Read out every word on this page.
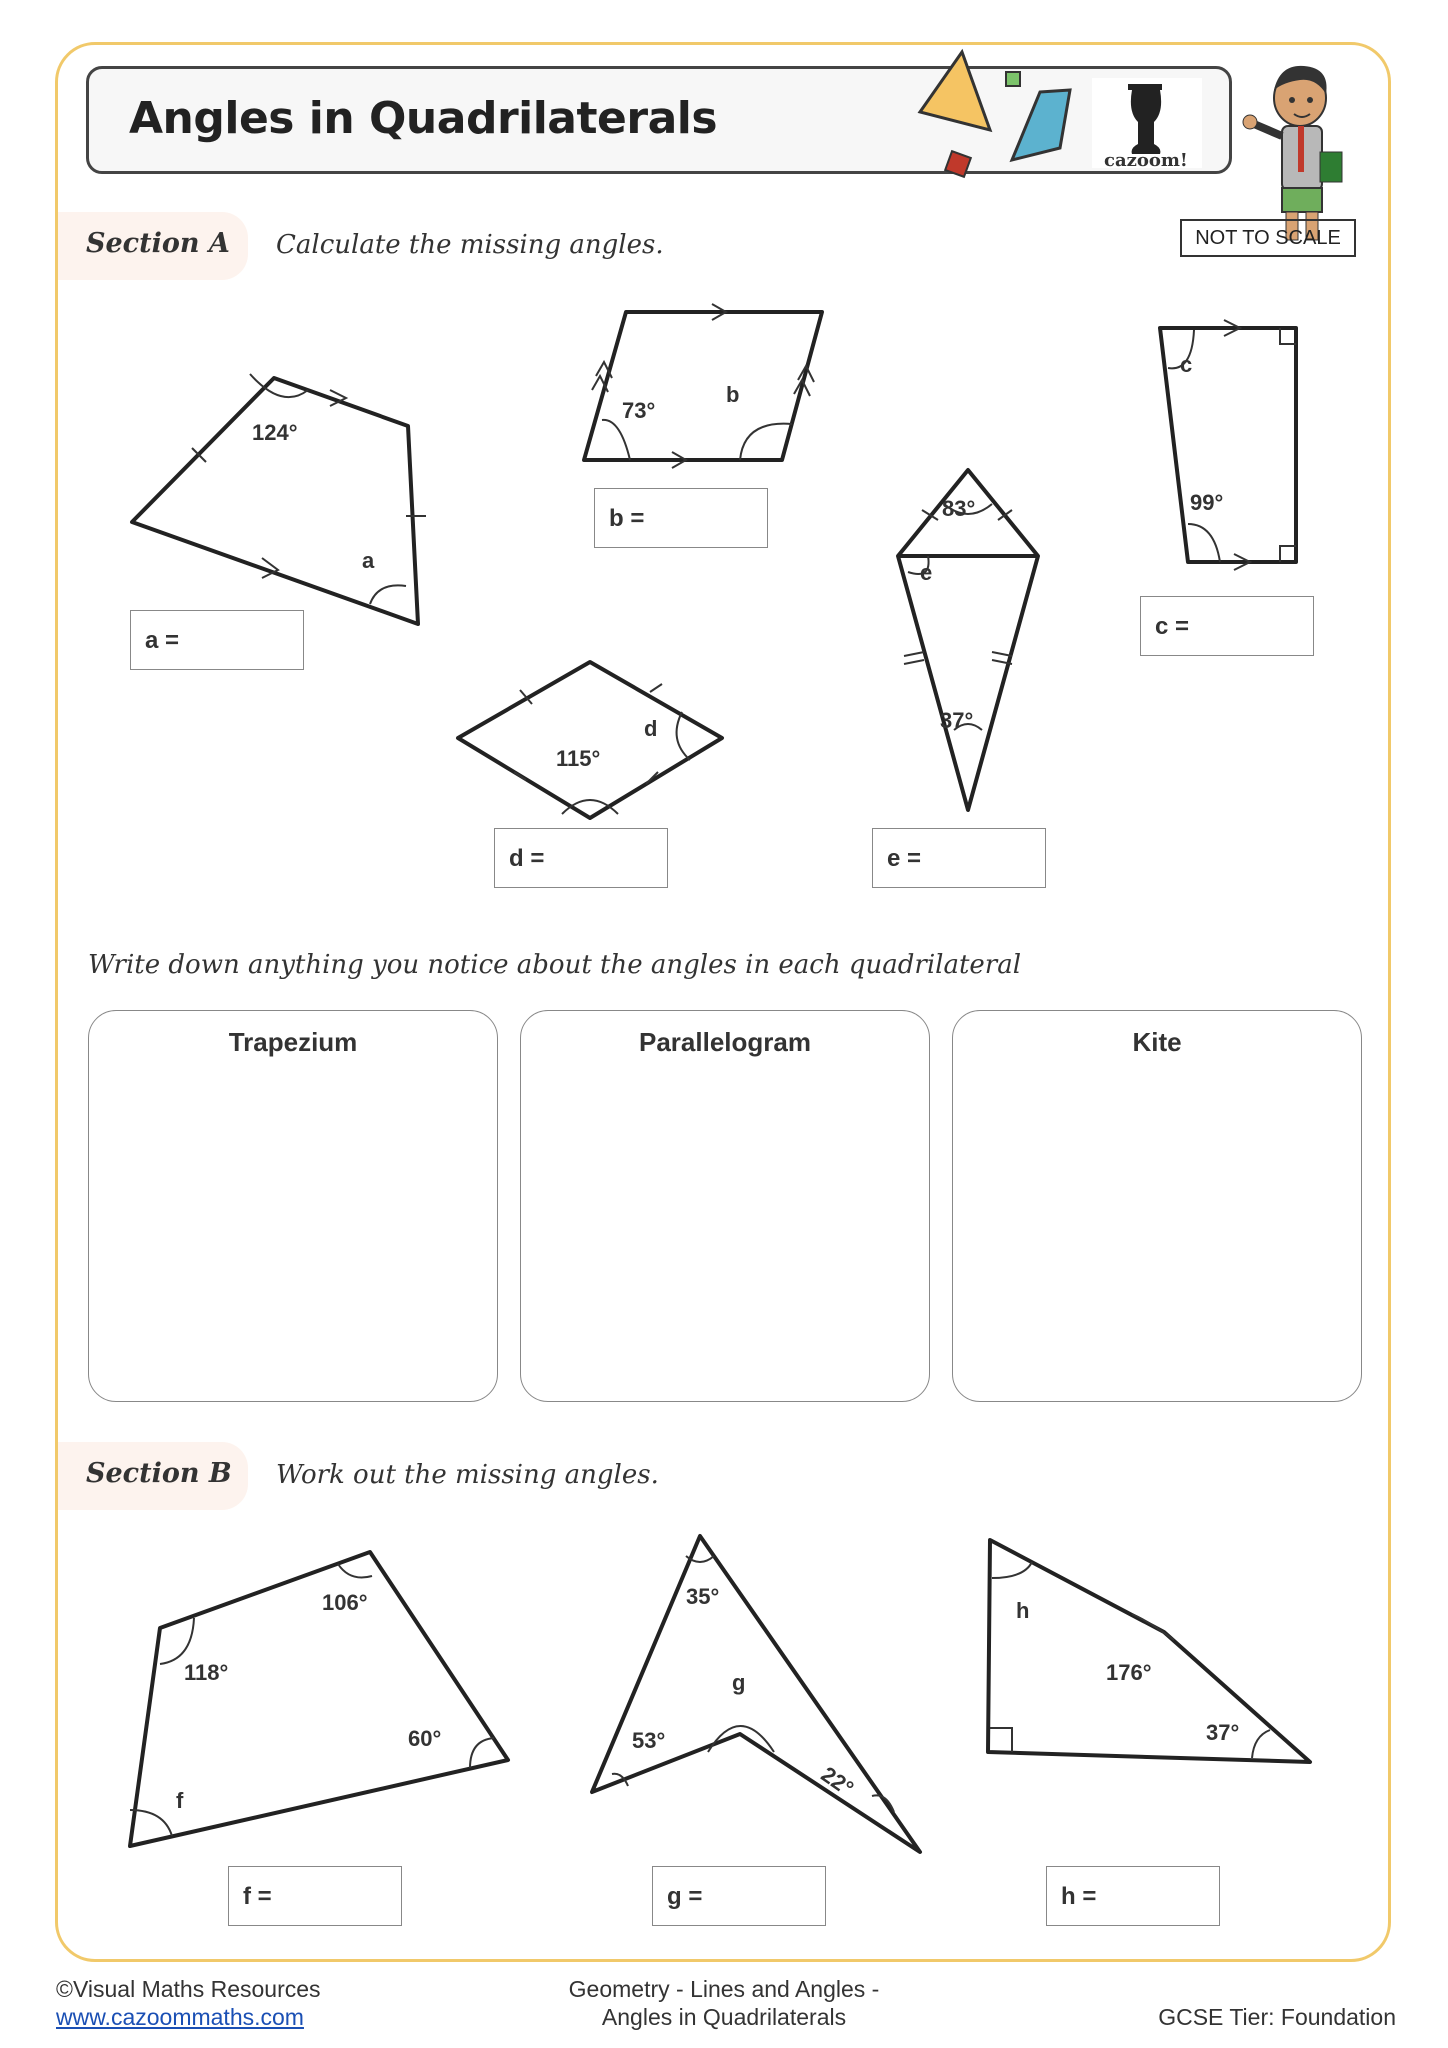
Angles in Quadrilaterals
cazoom!
NOT TO SCALE
Section A Calculate the missing angles.
124°
a
73°
b
c
99°
115°
d
83°
e
37°
a =
b =
c =
d =	e =
Write down anything you notice about the angles in each quadrilateral
Trapezium	Parallelogram	Kite
Section B Work out the missing angles.
106°
118°
60°
f
35°
53°
22°
g
h
176°
37°
f =	g =	h =
©Visual Maths Resources
www.cazoommaths.com
Geometry - Lines and Angles -
Angles in Quadrilaterals	GCSE Tier: Foundation
